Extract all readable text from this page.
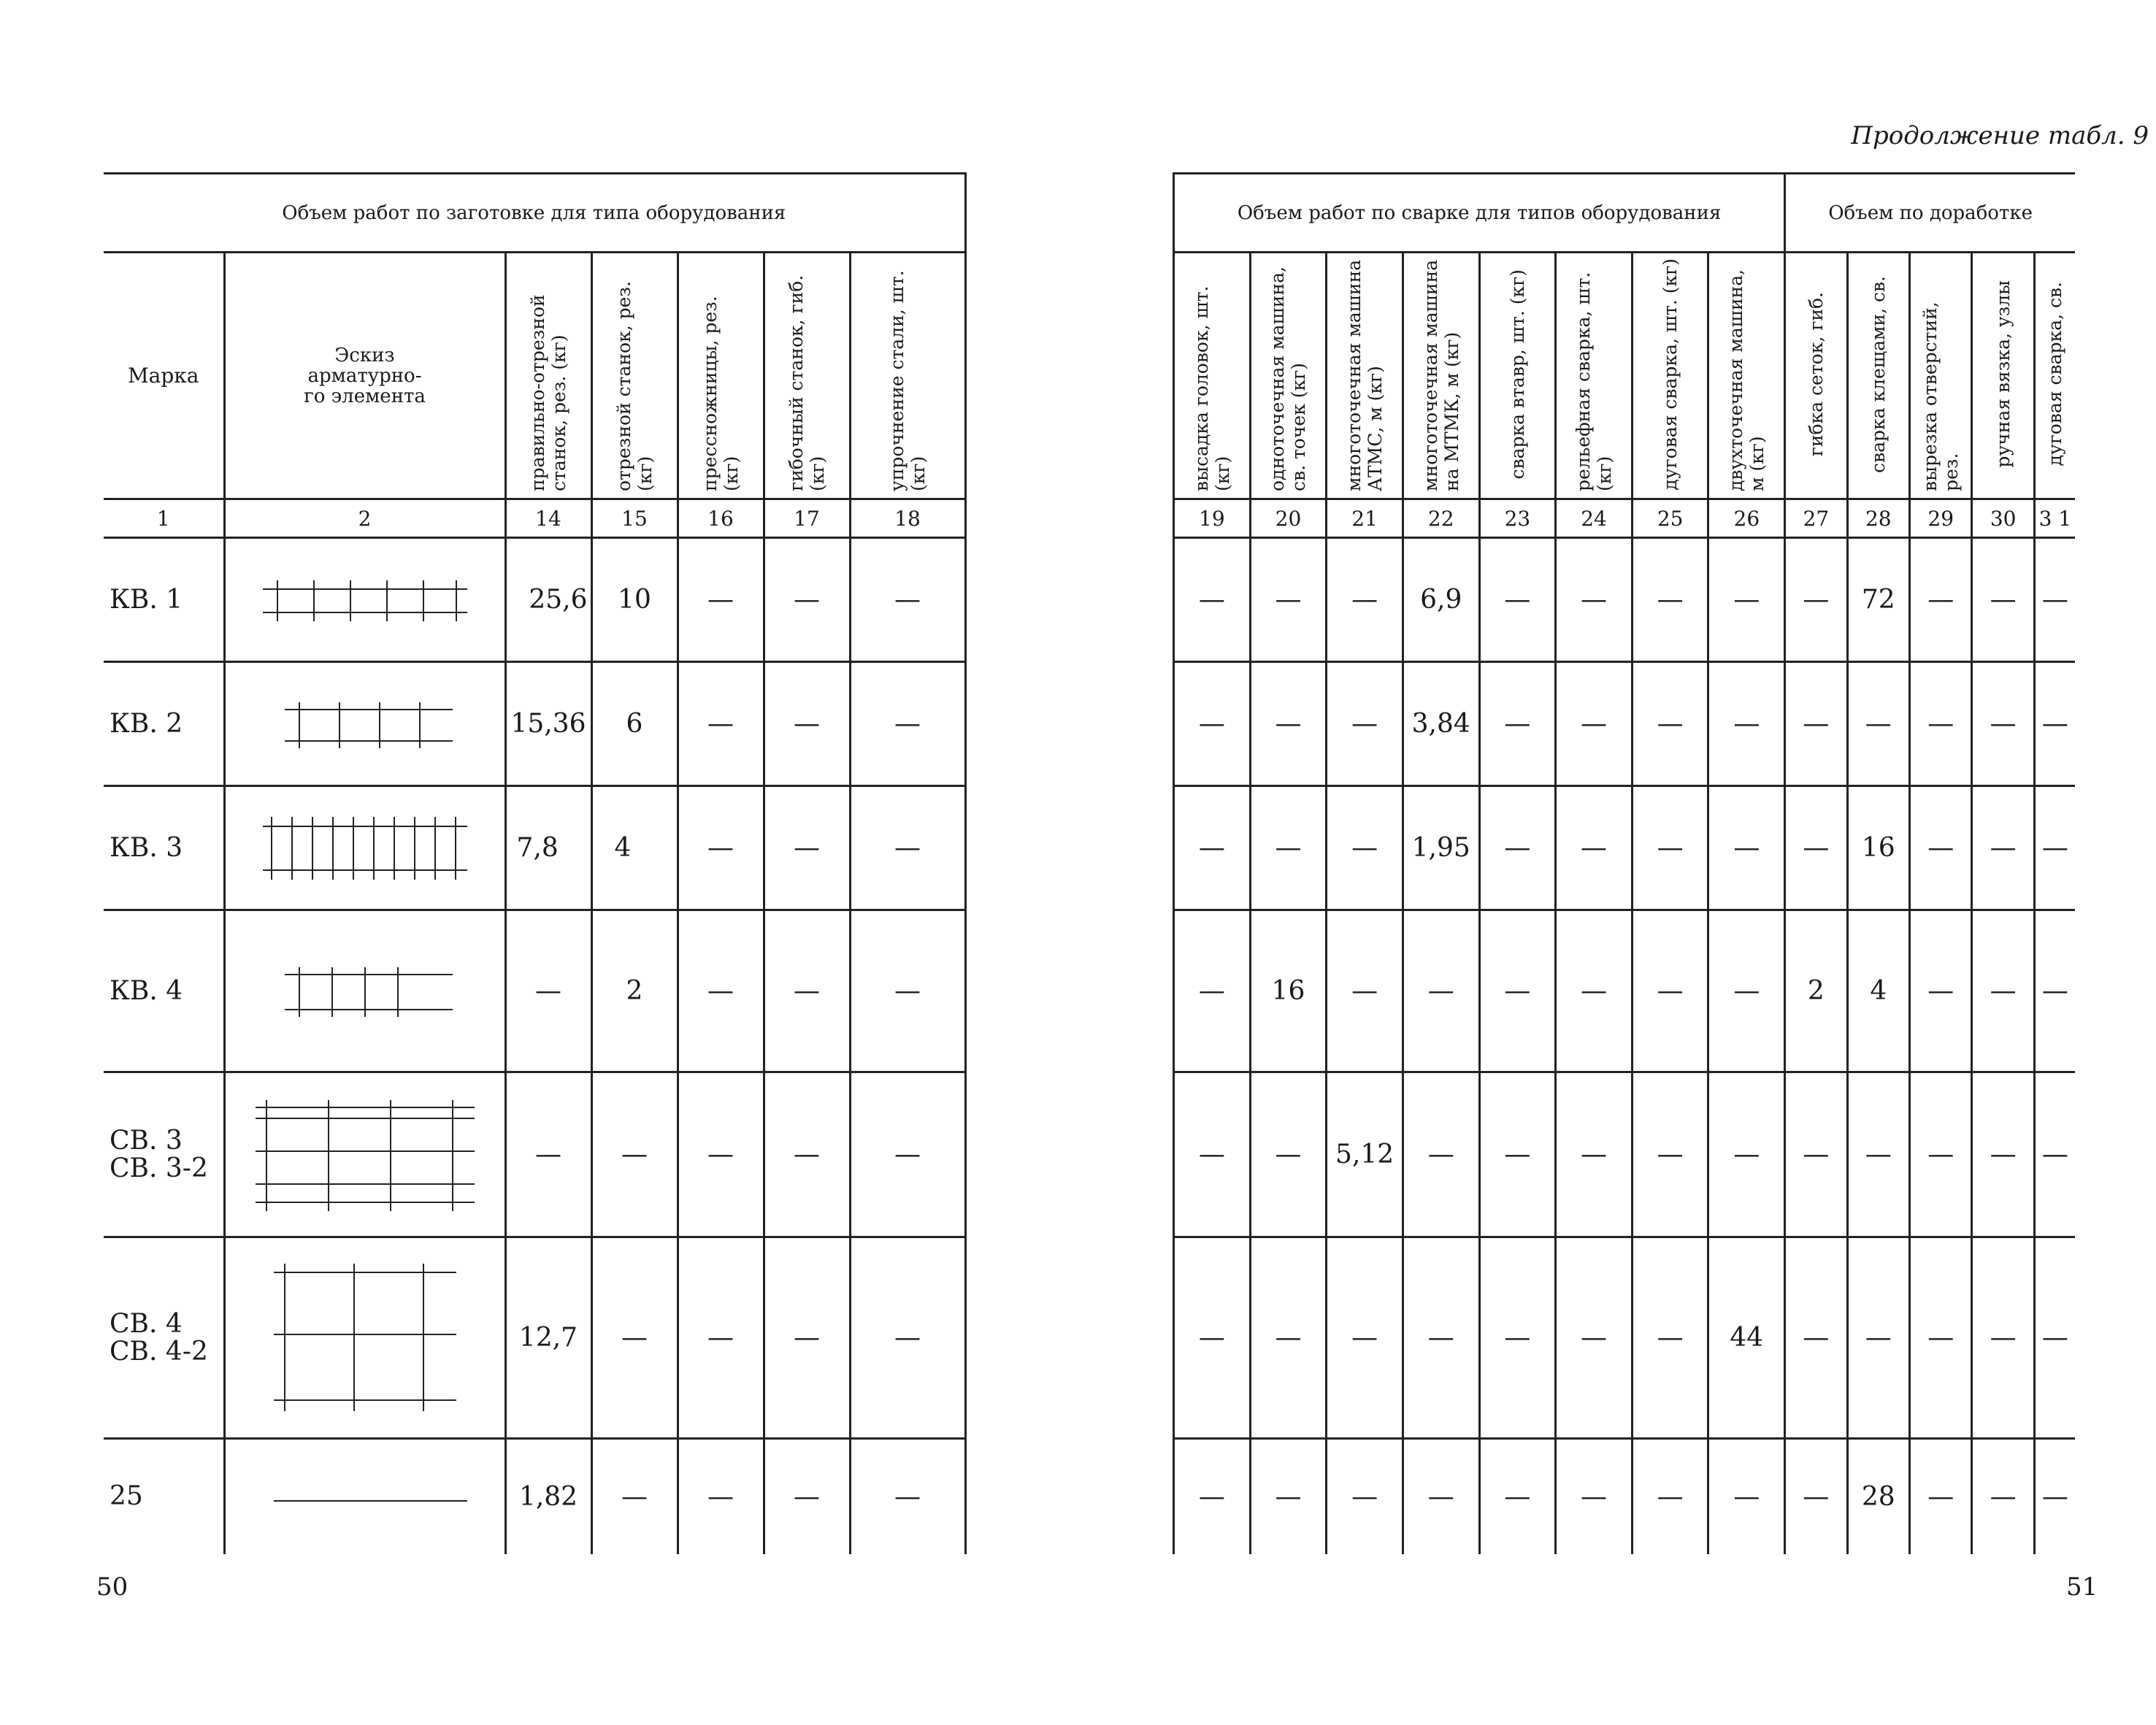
Объем работ по заготовке для типа оборудования						
Марка	Эскиз
арматурно-
го элемента	правильно-отрезной станок, рез. (кг)	отрезной станок, рез. (кг)	прессножницы, рез. (кг)	гибочный станок, гиб. (кг)	упрочнение стали, шт. (кг)
1	2	14	15	16	17	18
КВ. 1		25,6	10	—	—	—
КВ. 2		15,36	6	—	—	—
КВ. 3		7,8	4	—	—	—
КВ. 4		—	2	—	—	—
СВ. 3
СВ. 3-2		—	—	—	—	—
СВ. 4
СВ. 4-2		12,7	—	—	—	—
25		1,82	—	—	—	—
50
Продолжение табл. 9
Объем работ по сварке для типов оборудования								Объем по доработке				
высадка головок, шт. (кг)	одноточечная машина, св. точек (кг)	многоточечная машина АТМС, м (кг)	многоточечная машина на МТМК, м (кг)	сварка втавр, шт. (кг)	рельефная сварка, шт. (кг)	дуговая сварка, шт. (кг)	двухточечная машина, м (кг)	гибка сеток, гиб.	сварка клещами, св.	вырезка отверстий, рез.	ручная вязка, узлы	дуговая сварка, св.
19	20	21	22	23	24	25	26	27	28	29	30	3 1
—	—	—	6,9	—	—	—	—	—	72	—	—	—
—	—	—	3,84	—	—	—	—	—	—	—	—	—
—	—	—	1,95	—	—	—	—	—	16	—	—	—
—	16	—	—	—	—	—	—	2	4	—	—	—
—	—	5,12	—	—	—	—	—	—	—	—	—	—
—	—	—	—	—	—	—	44	—	—	—	—	—
—	—	—	—	—	—	—	—	—	28	—	—	—
51
